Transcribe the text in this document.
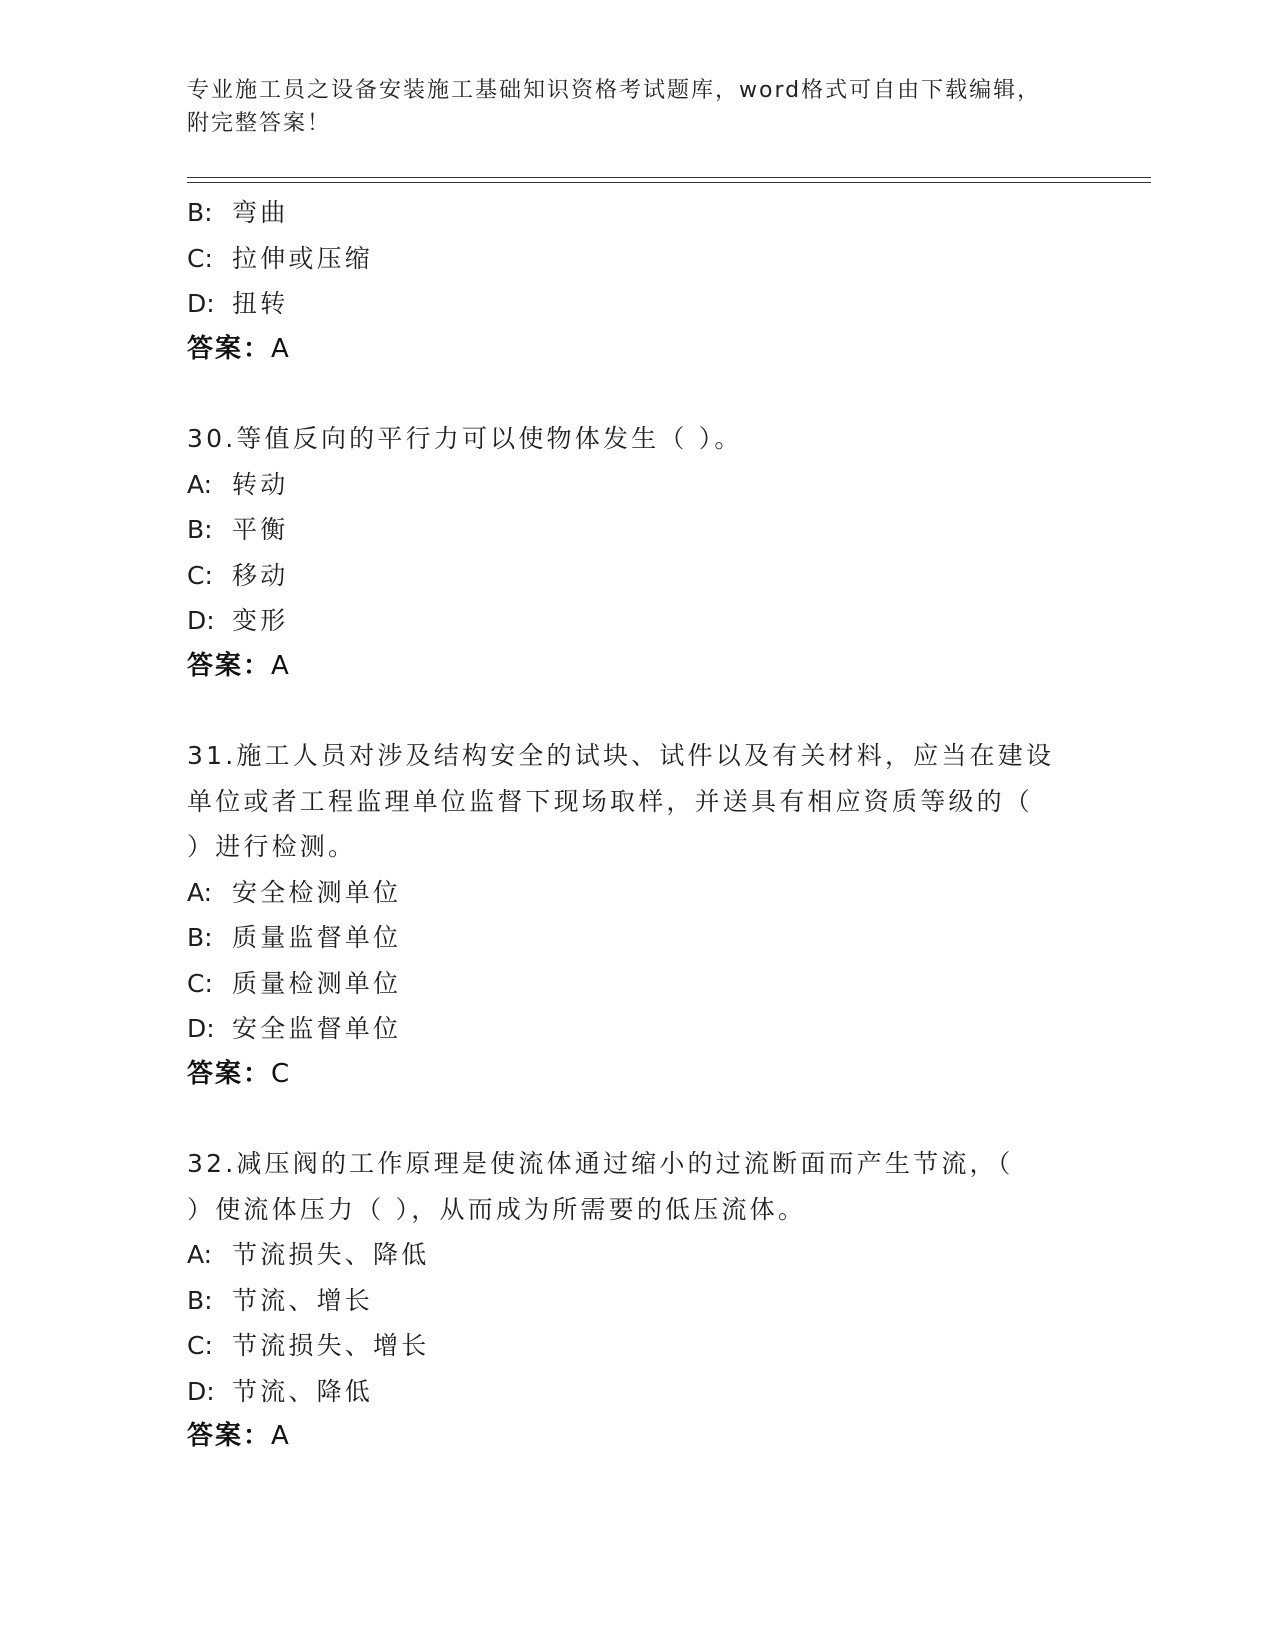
专业施工员之设备安装施工基础知识资格考试题库，word格式可自由下载编辑，
附完整答案！
B: 弯曲
C: 拉伸或压缩
D: 扭转
答案：A
30.等值反向的平行力可以使物体发生（ ）。
A: 转动
B: 平衡
C: 移动
D: 变形
答案：A
31.施工人员对涉及结构安全的试块、试件以及有关材料，应当在建设
单位或者工程监理单位监督下现场取样，并送具有相应资质等级的（
）进行检测。
A: 安全检测单位
B: 质量监督单位
C: 质量检测单位
D: 安全监督单位
答案：C
32.减压阀的工作原理是使流体通过缩小的过流断面而产生节流，（
）使流体压力（ ），从而成为所需要的低压流体。
A: 节流损失、降低
B: 节流、增长
C: 节流损失、增长
D: 节流、降低
答案：A
